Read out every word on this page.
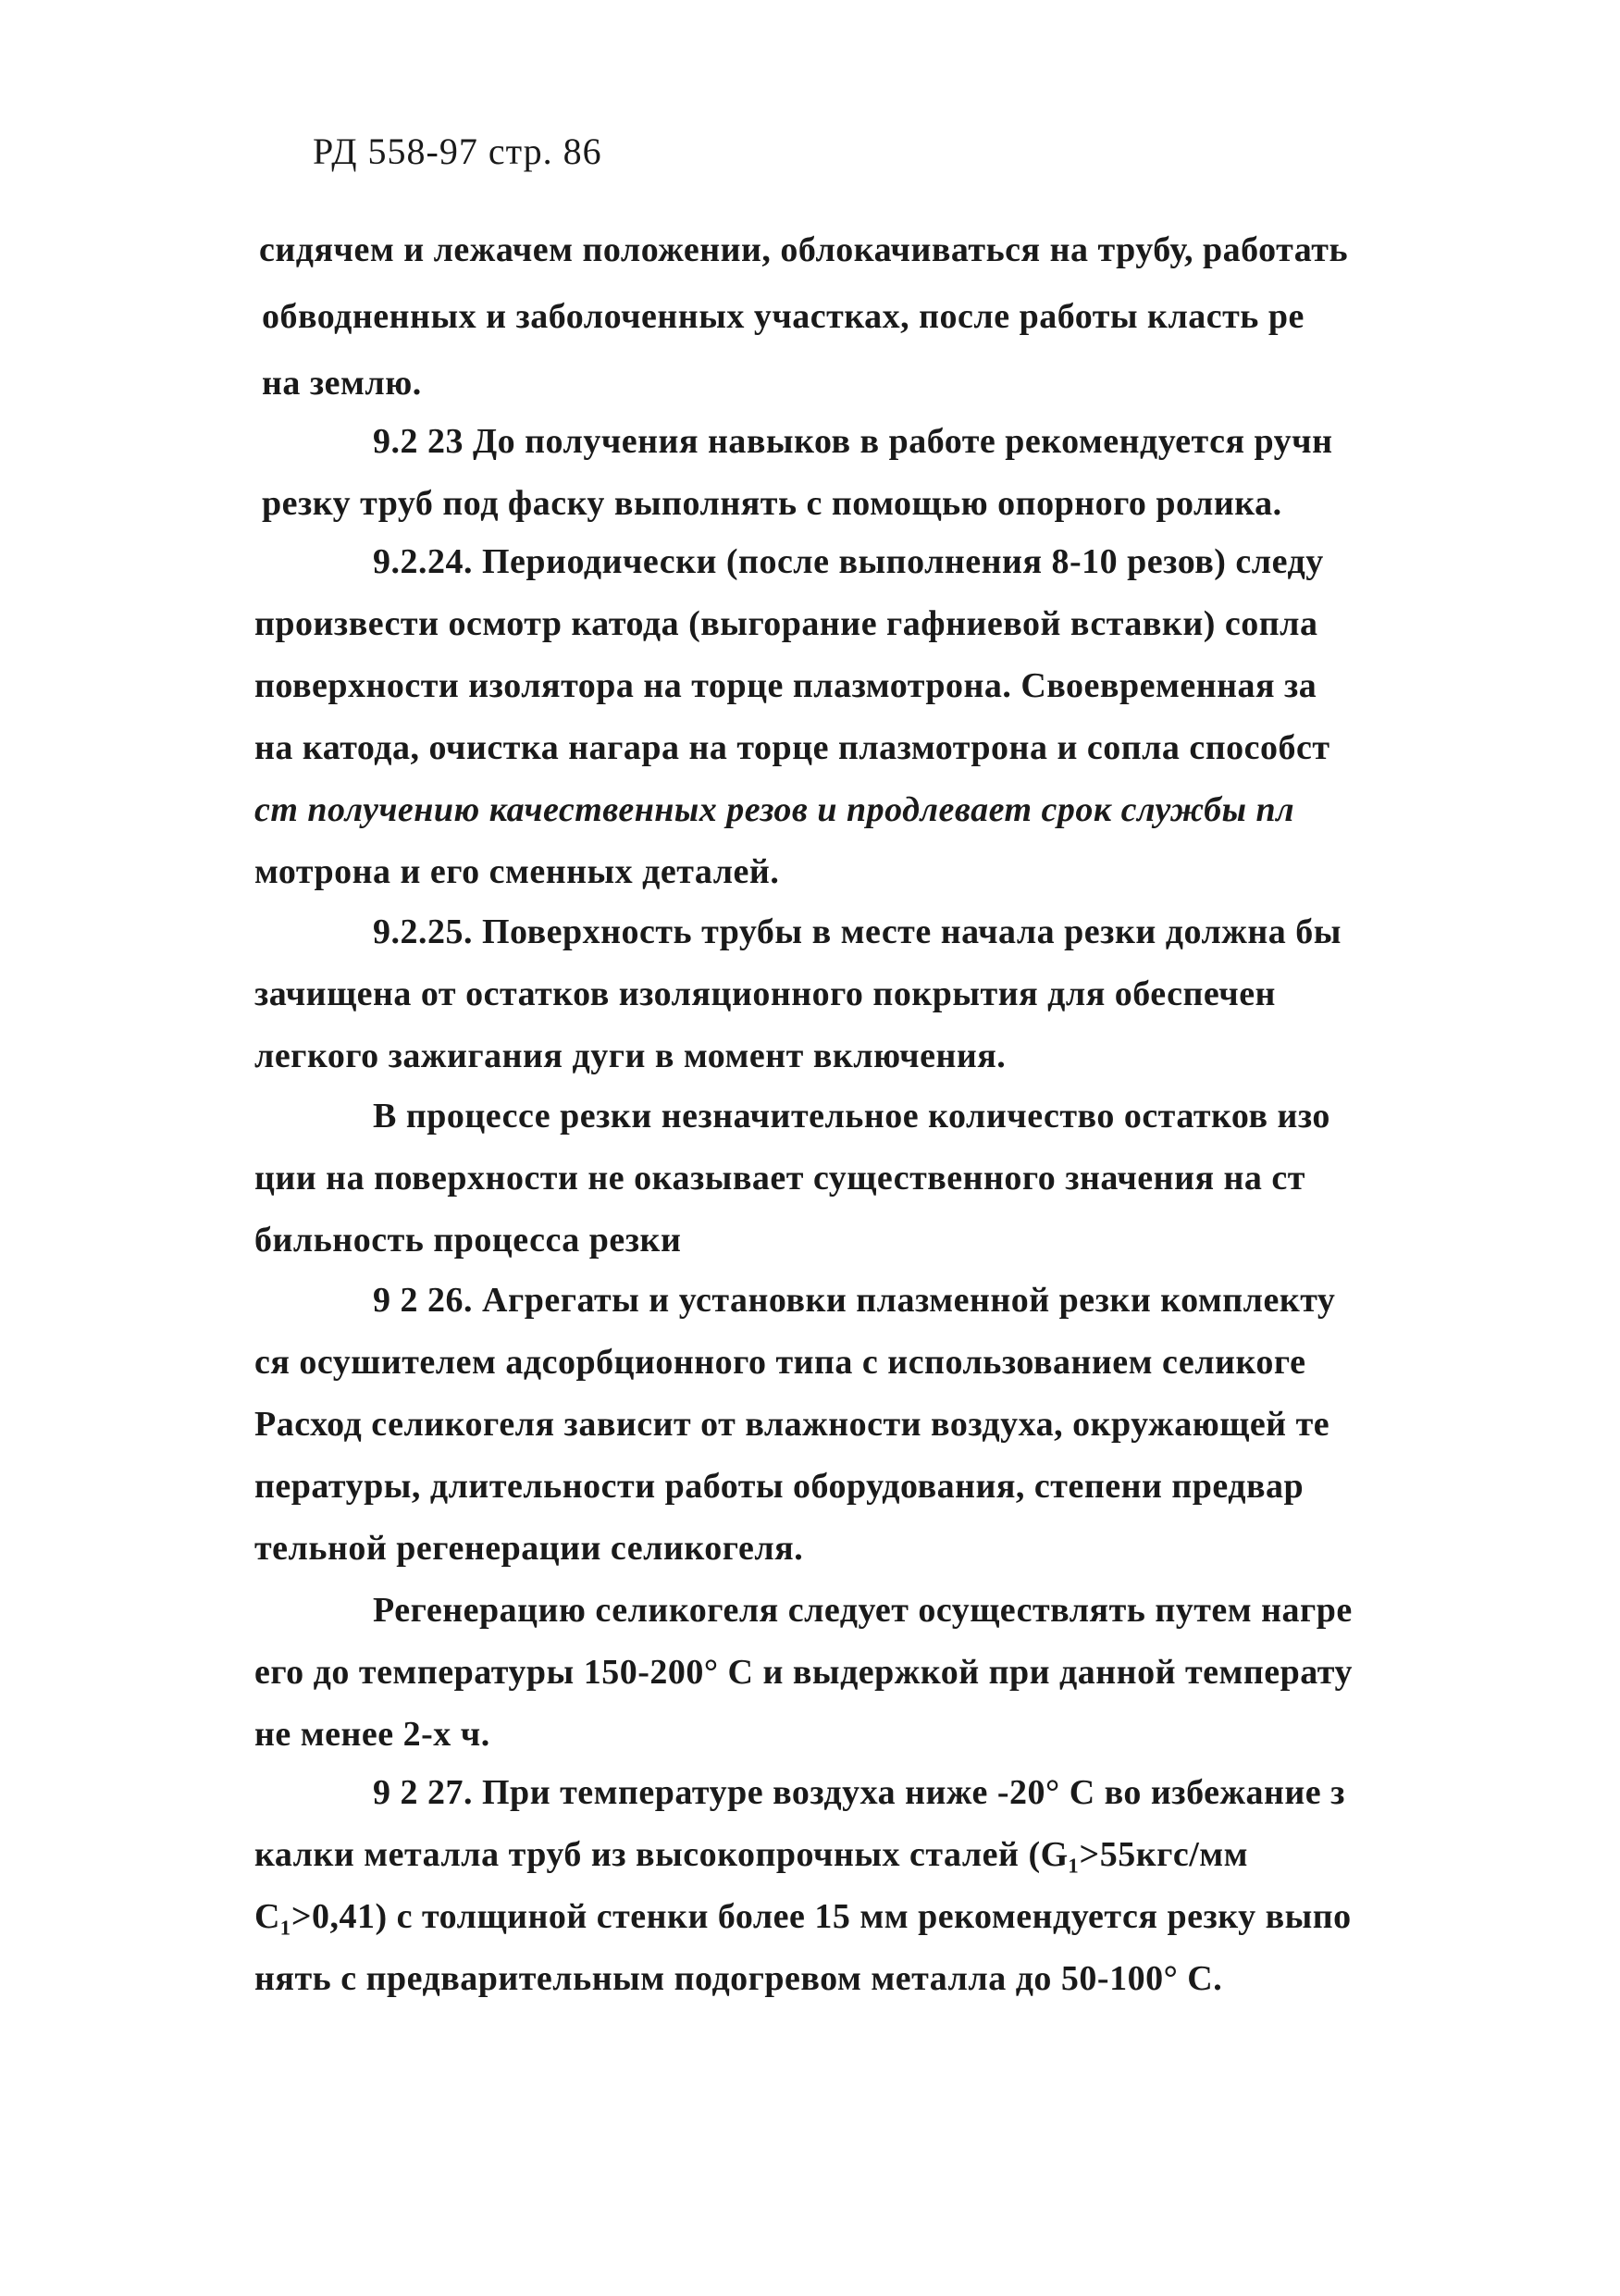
РД 558-97 стр. 86
сидячем и лежачем положении, облокачиваться на трубу, работать
обводненных и заболоченных участках, после работы класть ре
на землю.
9.2 23 До получения навыков в работе рекомендуется ручн
резку труб под фаску выполнять с помощью опорного ролика.
9.2.24. Периодически (после выполнения 8-10 резов) следу
произвести осмотр катода (выгорание гафниевой вставки) сопла
поверхности изолятора на торце плазмотрона. Своевременная за
на катода, очистка нагара на торце плазмотрона и сопла способст
ст получению качественных резов и продлевает срок службы пл
мотрона и его сменных деталей.
9.2.25. Поверхность трубы в месте начала резки должна бы
зачищена от остатков изоляционного покрытия для обеспечен
легкого зажигания дуги в момент включения.
В процессе резки незначительное количество остатков изо
ции на поверхности не оказывает существенного значения на ст
бильность процесса резки
9 2 26. Агрегаты и установки плазменной резки комплекту
ся осушителем адсорбционного типа с использованием селикоге
Расход селикогеля зависит от влажности воздуха, окружающей те
пературы, длительности работы оборудования, степени предвар
тельной регенерации селикогеля.
Регенерацию селикогеля следует осуществлять путем нагре
его до температуры 150-200° С и выдержкой при данной температу
не менее 2-х ч.
9 2 27. При температуре воздуха ниже -20° С во избежание з
калки металла труб из высокопрочных сталей (G₁>55кгс/мм
С₁>0,41) с толщиной стенки более 15 мм рекомендуется резку выпо
нять с предварительным подогревом металла до 50-100° С.
